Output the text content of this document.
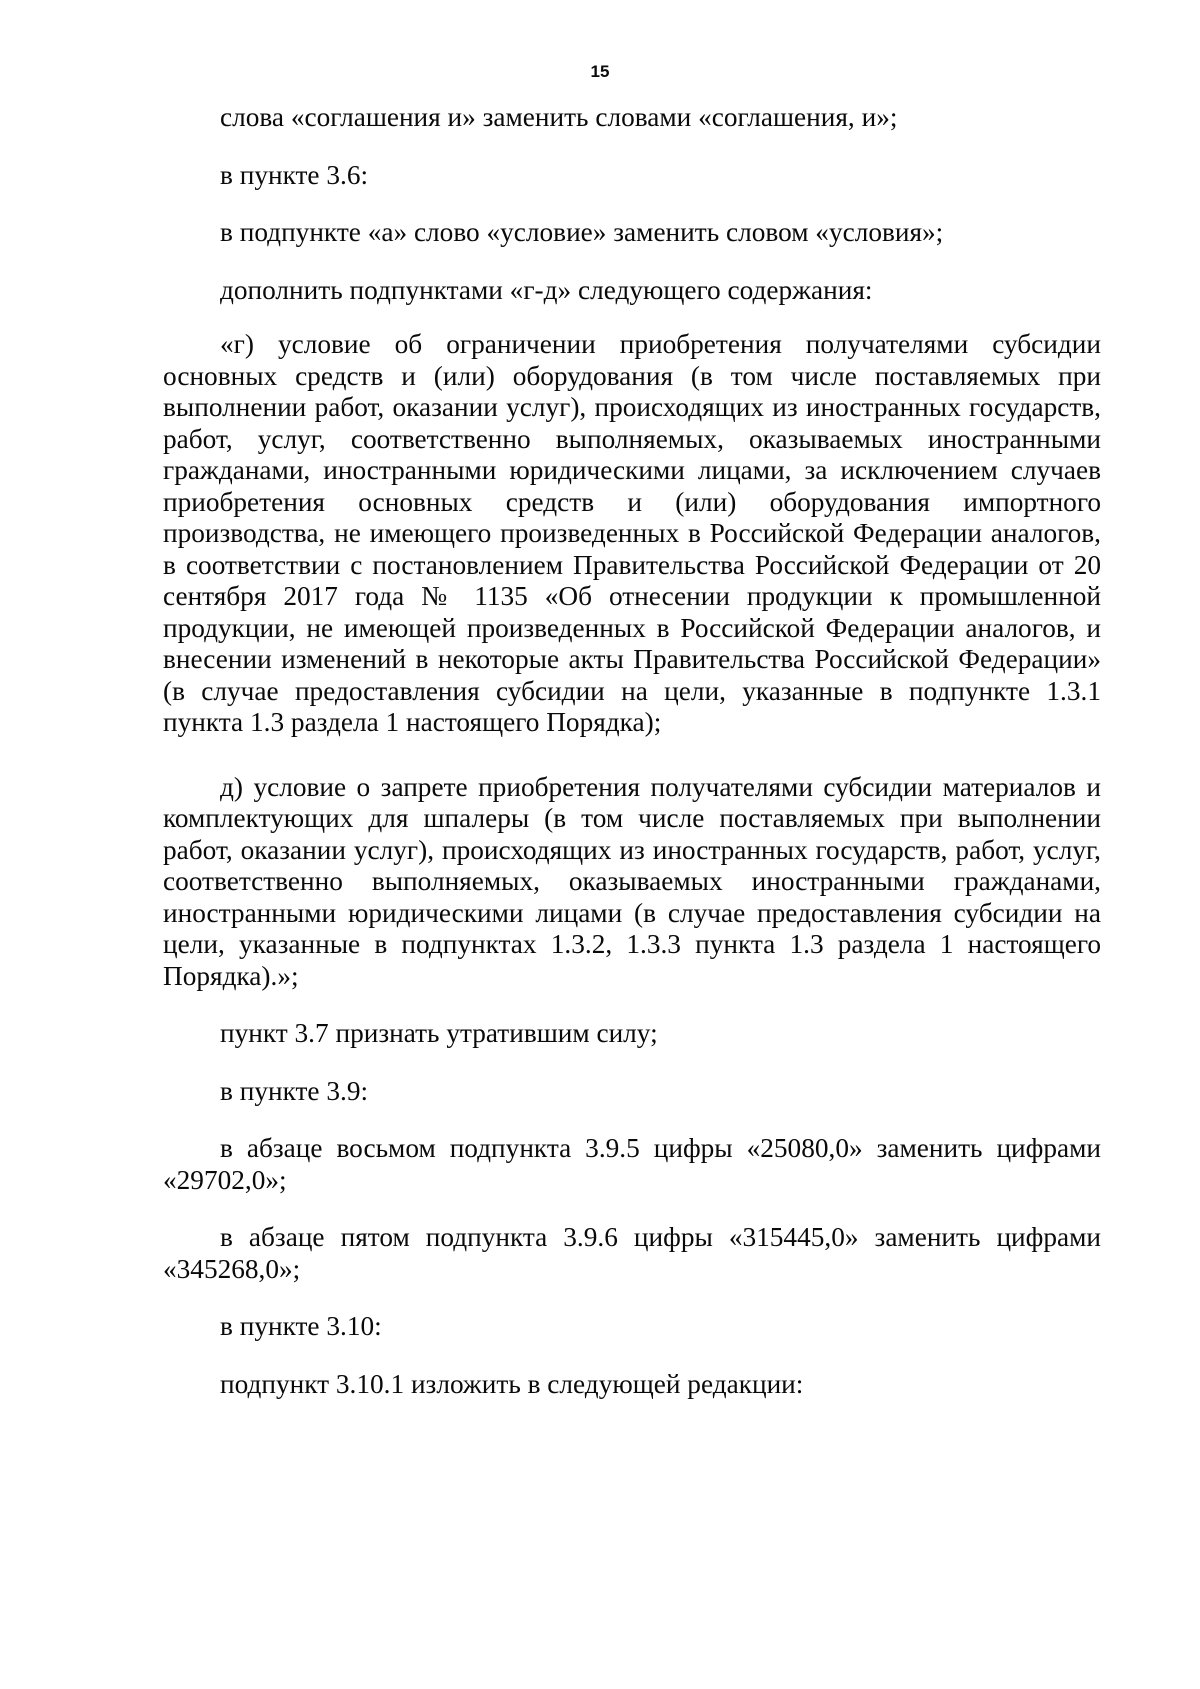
15

слова «соглашения и» заменить словами «соглашения, и»;

в пункте 3.6:

в подпункте «а» слово «условие» заменить словом «условия»;

дополнить подпунктами «г-д» следующего содержания:

«г) условие об ограничении приобретения получателями субсидии основных средств и (или) оборудования (в том числе поставляемых при выполнении работ, оказании услуг), происходящих из иностранных государств, работ, услуг, соответственно выполняемых, оказываемых иностранными гражданами, иностранными юридическими лицами, за исключением случаев приобретения основных средств и (или) оборудования импортного производства, не имеющего произведенных в Российской Федерации аналогов, в соответствии с постановлением Правительства Российской Федерации от 20 сентября 2017 года № 1135 «Об отнесении продукции к промышленной продукции, не имеющей произведенных в Российской Федерации аналогов, и внесении изменений в некоторые акты Правительства Российской Федерации» (в случае предоставления субсидии на цели, указанные в подпункте 1.3.1 пункта 1.3 раздела 1 настоящего Порядка);

д) условие о запрете приобретения получателями субсидии материалов и комплектующих для шпалеры (в том числе поставляемых при выполнении работ, оказании услуг), происходящих из иностранных государств, работ, услуг, соответственно выполняемых, оказываемых иностранными гражданами, иностранными юридическими лицами (в случае предоставления субсидии на цели, указанные в подпунктах 1.3.2, 1.3.3 пункта 1.3 раздела 1 настоящего Порядка).»;

пункт 3.7 признать утратившим силу;

в пункте 3.9:

в абзаце восьмом подпункта 3.9.5 цифры «25080,0» заменить цифрами «29702,0»;

в абзаце пятом подпункта 3.9.6 цифры «315445,0» заменить цифрами «345268,0»;

в пункте 3.10:

подпункт 3.10.1 изложить в следующей редакции:
